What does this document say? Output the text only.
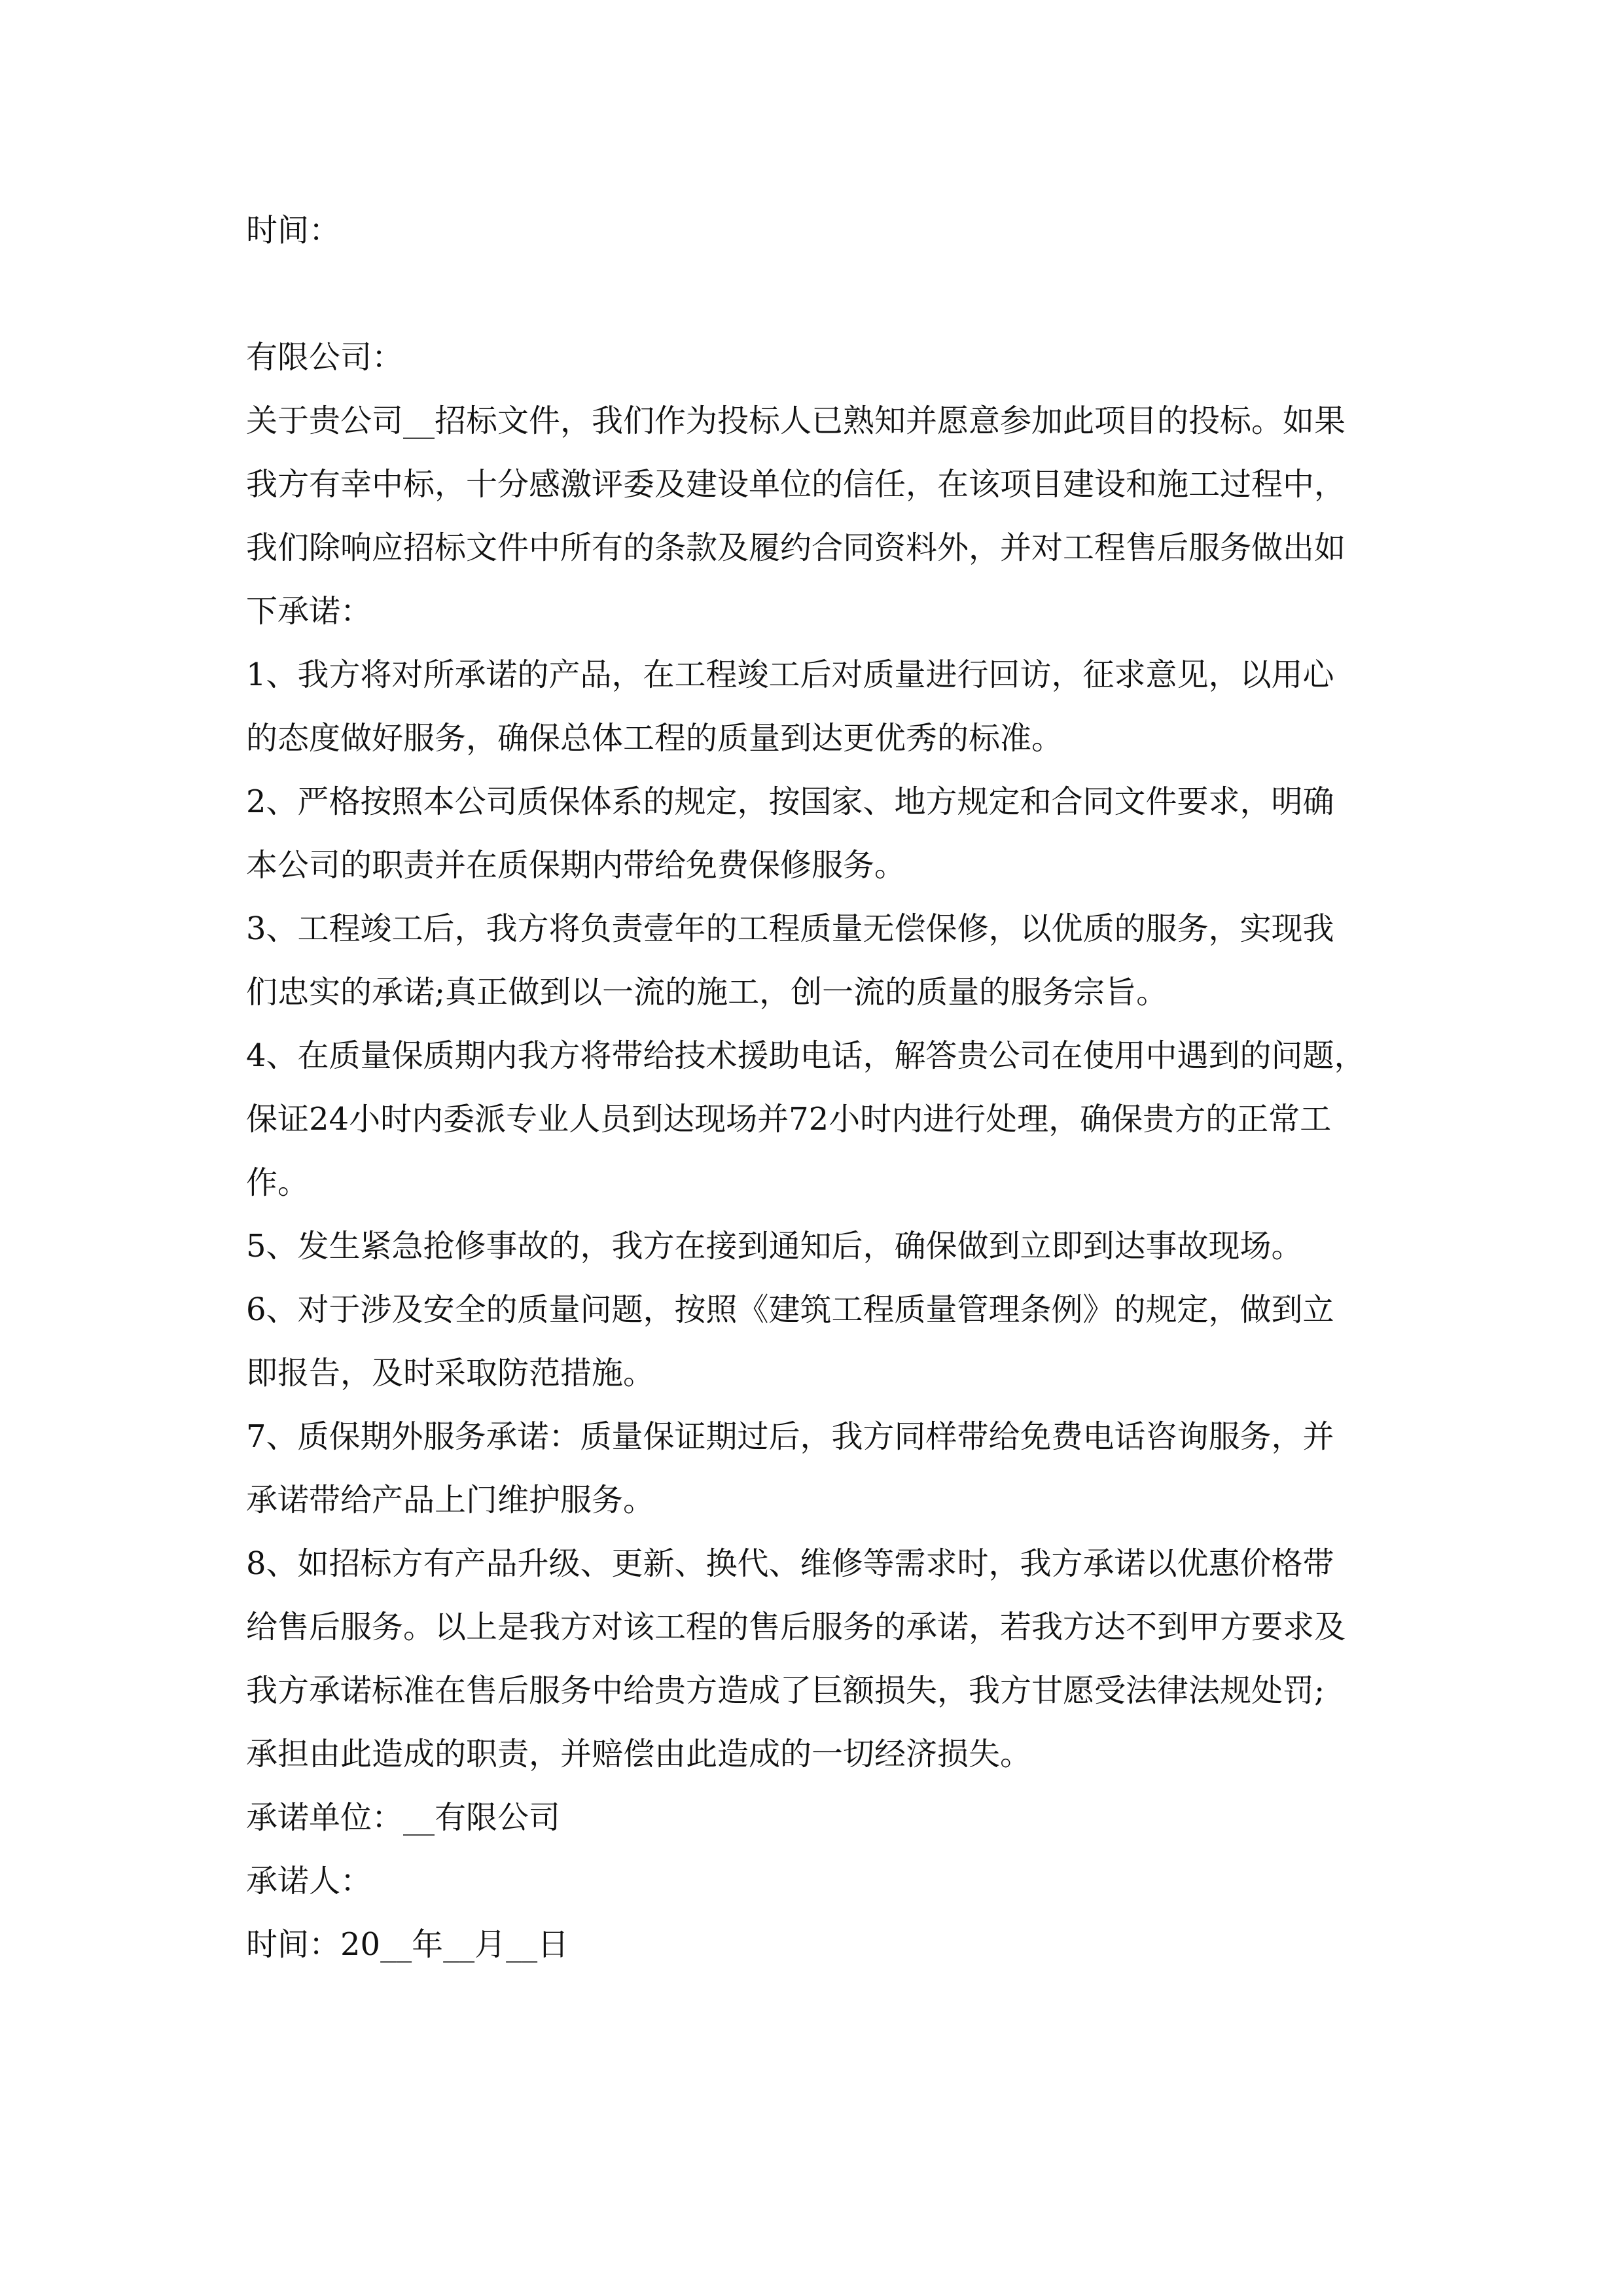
时间：
有限公司：
关于贵公司__招标文件，我们作为投标人已熟知并愿意参加此项目的投标。如果
我方有幸中标，十分感激评委及建设单位的信任，在该项目建设和施工过程中，
我们除响应招标文件中所有的条款及履约合同资料外，并对工程售后服务做出如
下承诺：
1、我方将对所承诺的产品，在工程竣工后对质量进行回访，征求意见，以用心
的态度做好服务，确保总体工程的质量到达更优秀的标准。
2、严格按照本公司质保体系的规定，按国家、地方规定和合同文件要求，明确
本公司的职责并在质保期内带给免费保修服务。
3、工程竣工后，我方将负责壹年的工程质量无偿保修，以优质的服务，实现我
们忠实的承诺;真正做到以一流的施工，创一流的质量的服务宗旨。
4、在质量保质期内我方将带给技术援助电话，解答贵公司在使用中遇到的问题，
保证24小时内委派专业人员到达现场并72小时内进行处理，确保贵方的正常工
作。
5、发生紧急抢修事故的，我方在接到通知后，确保做到立即到达事故现场。
6、对于涉及安全的质量问题，按照《建筑工程质量管理条例》的规定，做到立
即报告，及时采取防范措施。
7、质保期外服务承诺：质量保证期过后，我方同样带给免费电话咨询服务，并
承诺带给产品上门维护服务。
8、如招标方有产品升级、更新、换代、维修等需求时，我方承诺以优惠价格带
给售后服务。以上是我方对该工程的售后服务的承诺，若我方达不到甲方要求及
我方承诺标准在售后服务中给贵方造成了巨额损失，我方甘愿受法律法规处罚;
承担由此造成的职责，并赔偿由此造成的一切经济损失。
承诺单位：__有限公司
承诺人：
时间：20__年__月__日
